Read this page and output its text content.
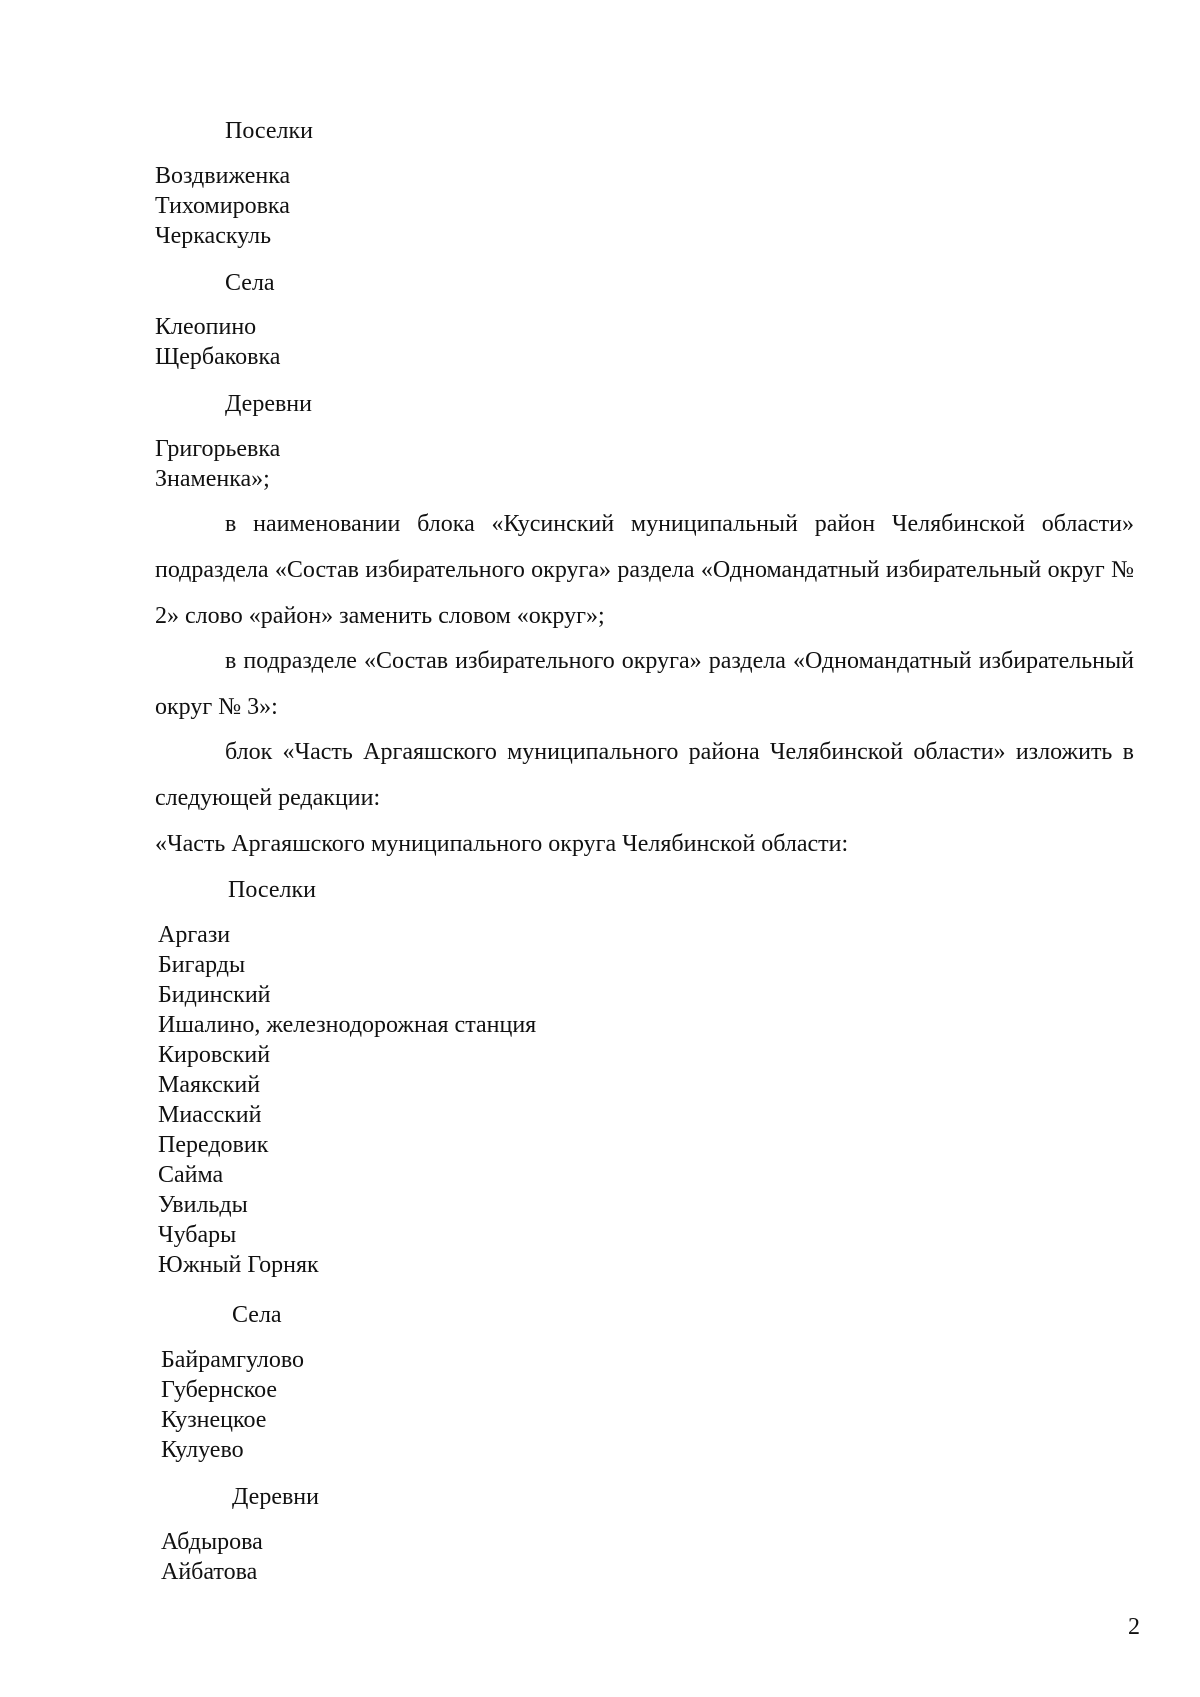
Поселки
Воздвиженка
Тихомировка
Черкаскуль
Села
Клеопино
Щербаковка
Деревни
Григорьевка
Знаменка»;

в наименовании блока «Кусинский муниципальный район Челябинской области» подраздела «Состав избирательного округа» раздела «Одномандатный избирательный округ № 2» слово «район» заменить словом «округ»;

в подразделе «Состав избирательного округа» раздела «Одномандатный избирательный округ № 3»:

блок «Часть Аргаяшского муниципального района Челябинской области» изложить в следующей редакции:

«Часть Аргаяшского муниципального округа Челябинской области:

Поселки
Аргази
Бигарды
Бидинский
Ишалино, железнодорожная станция
Кировский
Маякский
Миасский
Передовик
Сайма
Увильды
Чубары
Южный Горняк
Села
Байрамгулово
Губернское
Кузнецкое
Кулуево
Деревни
Абдырова
Айбатова
2
